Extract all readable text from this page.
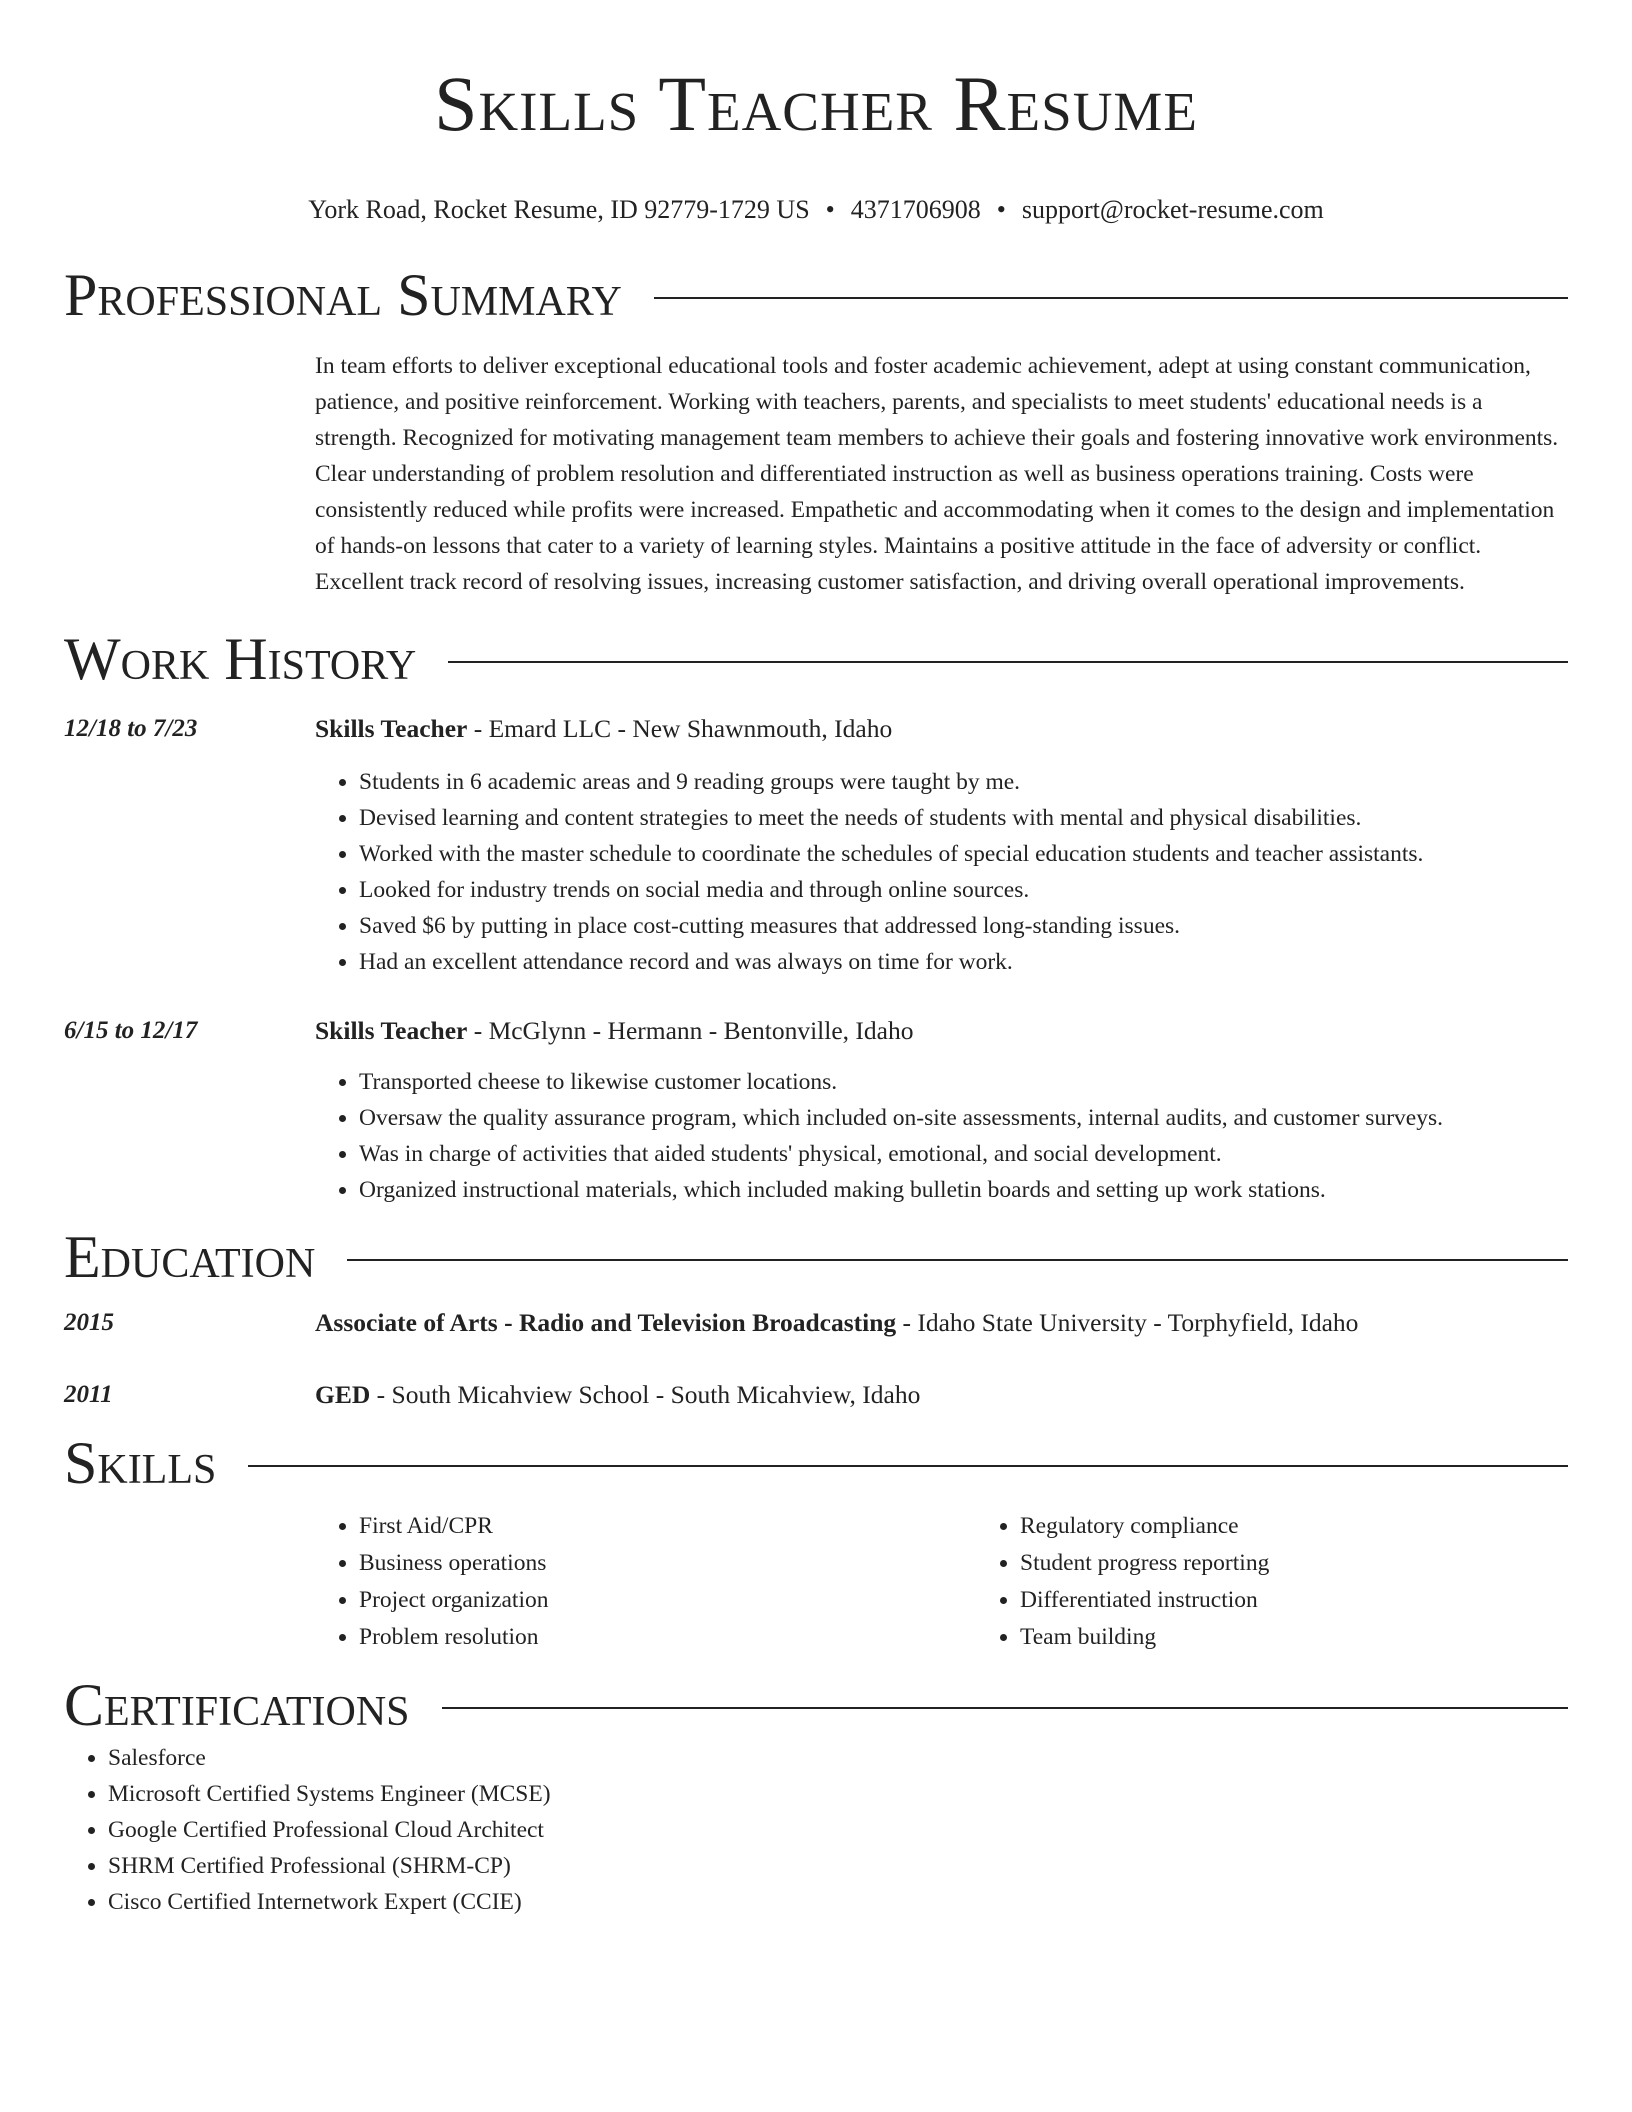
Skills Teacher Resume
York Road, Rocket Resume, ID 92779-1729 US • 4371706908 • support@rocket-resume.com
Professional Summary

In team efforts to deliver exceptional educational tools and foster academic achievement, adept at using constant communication, patience, and positive reinforcement. Working with teachers, parents, and specialists to meet students' educational needs is a strength. Recognized for motivating management team members to achieve their goals and fostering innovative work environments. Clear understanding of problem resolution and differentiated instruction as well as business operations training. Costs were consistently reduced while profits were increased. Empathetic and accommodating when it comes to the design and implementation of hands-on lessons that cater to a variety of learning styles. Maintains a positive attitude in the face of adversity or conflict. Excellent track record of resolving issues, increasing customer satisfaction, and driving overall operational improvements.

Work History
12/18 to 7/23	Skills Teacher - Emard LLC - New Shawnmouth, Idaho
• Students in 6 academic areas and 9 reading groups were taught by me.
• Devised learning and content strategies to meet the needs of students with mental and physical disabilities.
• Worked with the master schedule to coordinate the schedules of special education students and teacher assistants.
• Looked for industry trends on social media and through online sources.
• Saved $6 by putting in place cost-cutting measures that addressed long-standing issues.
• Had an excellent attendance record and was always on time for work.
6/15 to 12/17	Skills Teacher - McGlynn - Hermann - Bentonville, Idaho
• Transported cheese to likewise customer locations.
• Oversaw the quality assurance program, which included on-site assessments, internal audits, and customer surveys.
• Was in charge of activities that aided students' physical, emotional, and social development.
• Organized instructional materials, which included making bulletin boards and setting up work stations.
Education
2015	Associate of Arts - Radio and Television Broadcasting - Idaho State University - Torphyfield, Idaho
2011	GED - South Micahview School - South Micahview, Idaho
Skills
• First Aid/CPR
• Business operations
• Project organization
• Problem resolution
• Regulatory compliance
• Student progress reporting
• Differentiated instruction
• Team building
Certifications
• Salesforce
• Microsoft Certified Systems Engineer (MCSE)
• Google Certified Professional Cloud Architect
• SHRM Certified Professional (SHRM-CP)
• Cisco Certified Internetwork Expert (CCIE)
